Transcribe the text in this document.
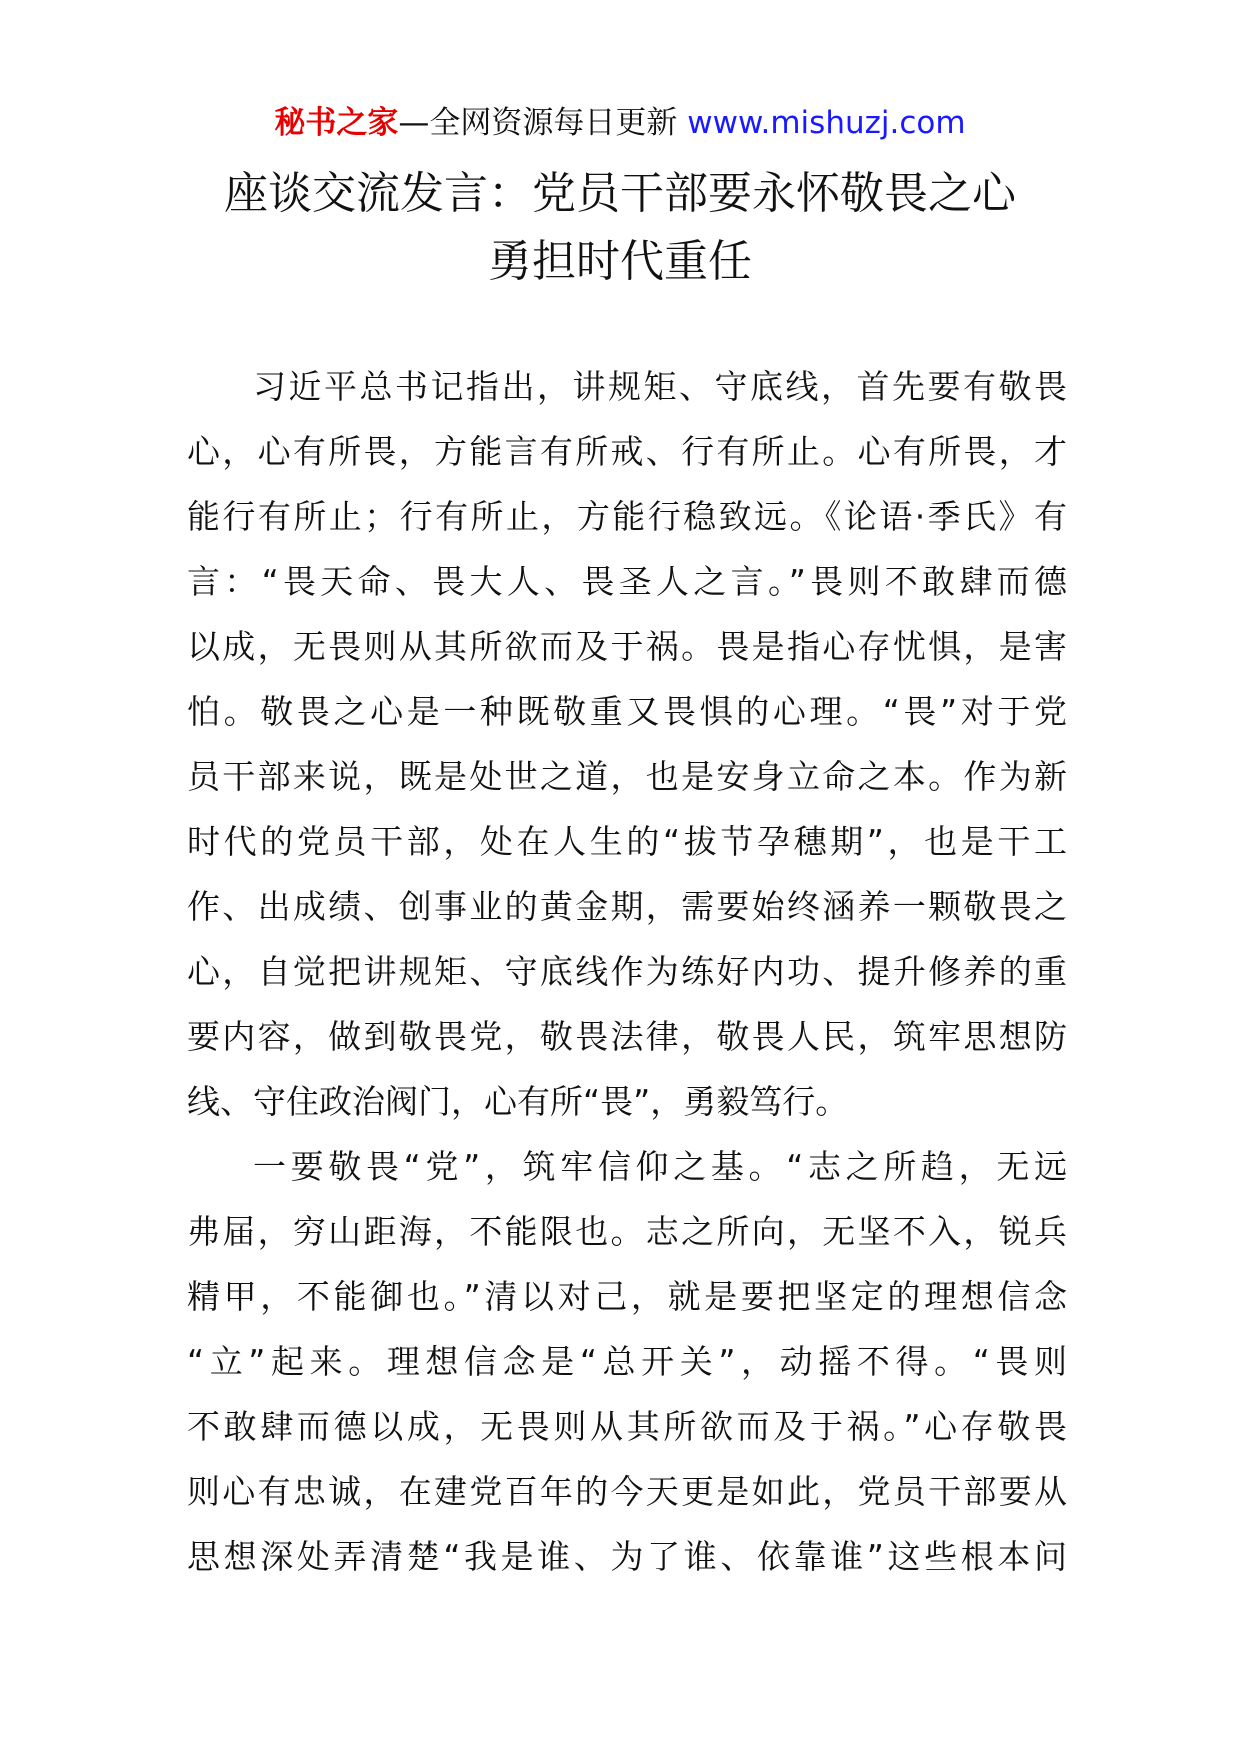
秘书之家—全网资源每日更新 www.mishuzj.com
座谈交流发言：党员干部要永怀敬畏之心
勇担时代重任

习近平总书记指出，讲规矩、守底线，首先要有敬畏
心，心有所畏，方能言有所戒、行有所止。心有所畏，才
能行有所止；行有所止，方能行稳致远。《论语·季氏》有
言：“畏天命、畏大人、畏圣人之言。”畏则不敢肆而德
以成，无畏则从其所欲而及于祸。畏是指心存忧惧，是害
怕。敬畏之心是一种既敬重又畏惧的心理。“畏”对于党
员干部来说，既是处世之道，也是安身立命之本。作为新
时代的党员干部，处在人生的“拔节孕穗期”，也是干工
作、出成绩、创事业的黄金期，需要始终涵养一颗敬畏之
心，自觉把讲规矩、守底线作为练好内功、提升修养的重
要内容，做到敬畏党，敬畏法律，敬畏人民，筑牢思想防
线、守住政治阀门，心有所“畏”，勇毅笃行。

一要敬畏“党”，筑牢信仰之基。“志之所趋，无远
弗届，穷山距海，不能限也。志之所向，无坚不入，锐兵
精甲，不能御也。”清以对己，就是要把坚定的理想信念
“立”起来。理想信念是“总开关”，动摇不得。“畏则
不敢肆而德以成，无畏则从其所欲而及于祸。”心存敬畏
则心有忠诚，在建党百年的今天更是如此，党员干部要从
思想深处弄清楚“我是谁、为了谁、依靠谁”这些根本问
